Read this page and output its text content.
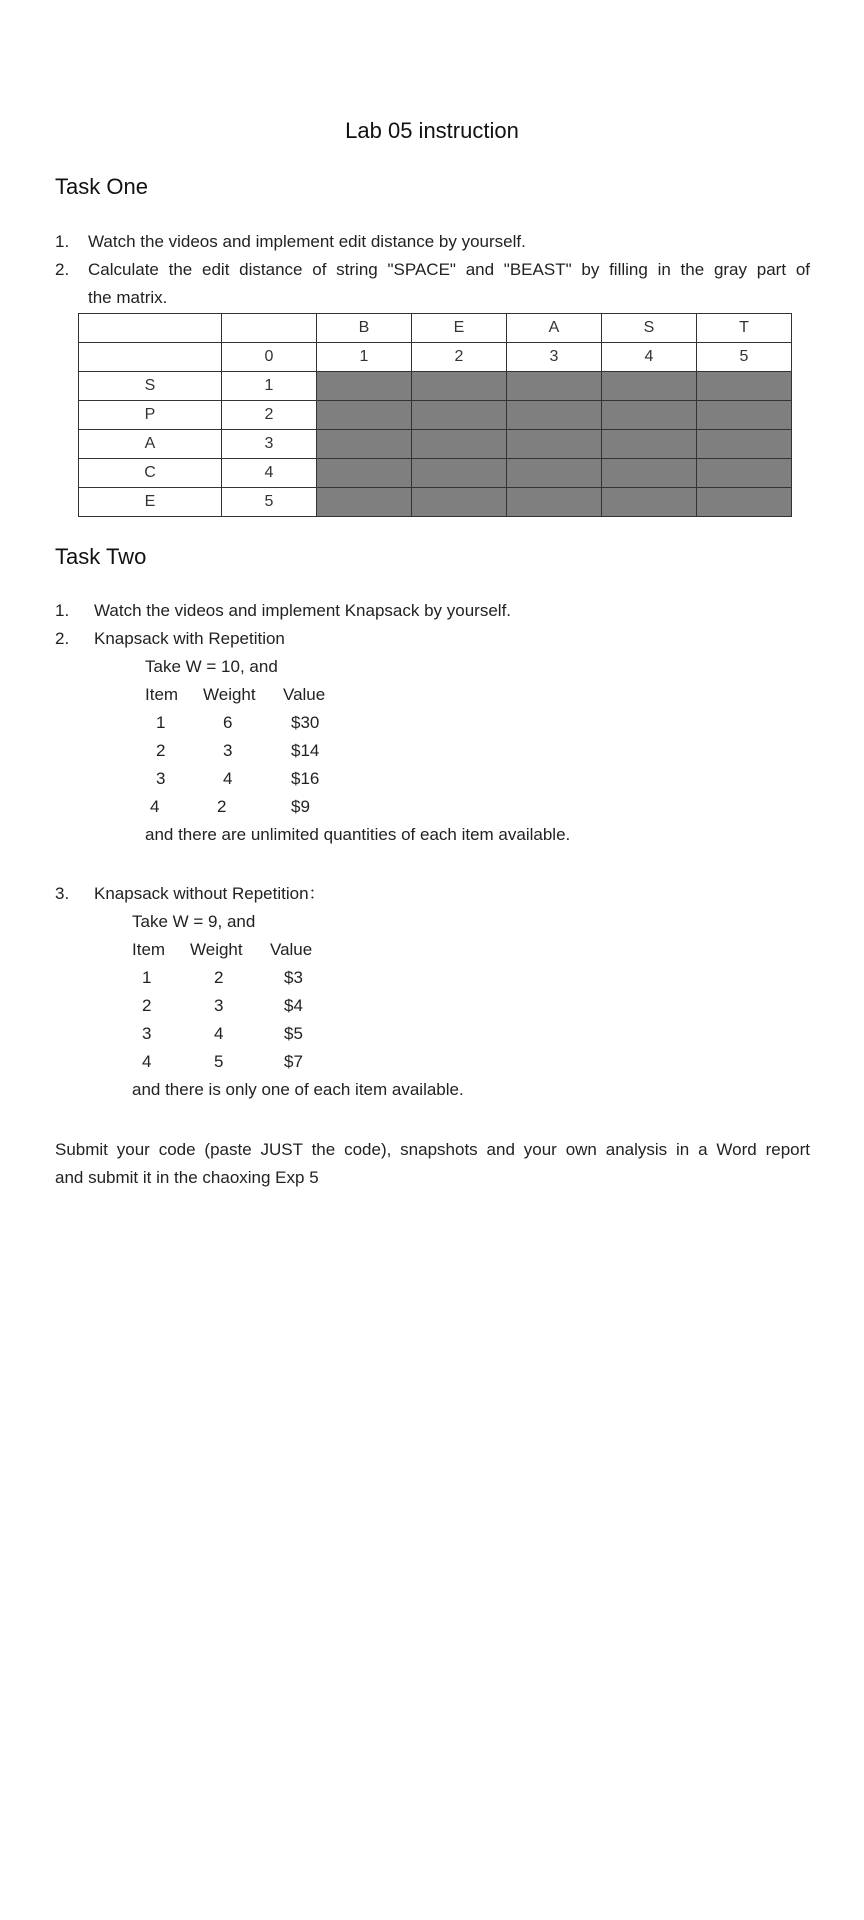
Lab 05 instruction
Task One
1. Watch the videos and implement edit distance by yourself.
2. Calculate the edit distance of string "SPACE" and "BEAST" by filling in the gray part of
the matrix.
		B	E	A	S	T
	0	1	2	3	4	5
S	1					
P	2					
A	3					
C	4					
E	5					
Task Two
1. Watch the videos and implement Knapsack by yourself.
2. Knapsack with Repetition
Take W = 10, and
Item Weight Value
1	6	$30
2	3	$14
3	4	$16
4	2	$9
and there are unlimited quantities of each item available.
3. Knapsack without Repetition：
Take W = 9, and
Item Weight Value
1	2	$3
2	3	$4
3	4	$5
4	5	$7
and there is only one of each item available.
Submit your code (paste JUST the code), snapshots and your own analysis in a Word report
and submit it in the chaoxing Exp 5
